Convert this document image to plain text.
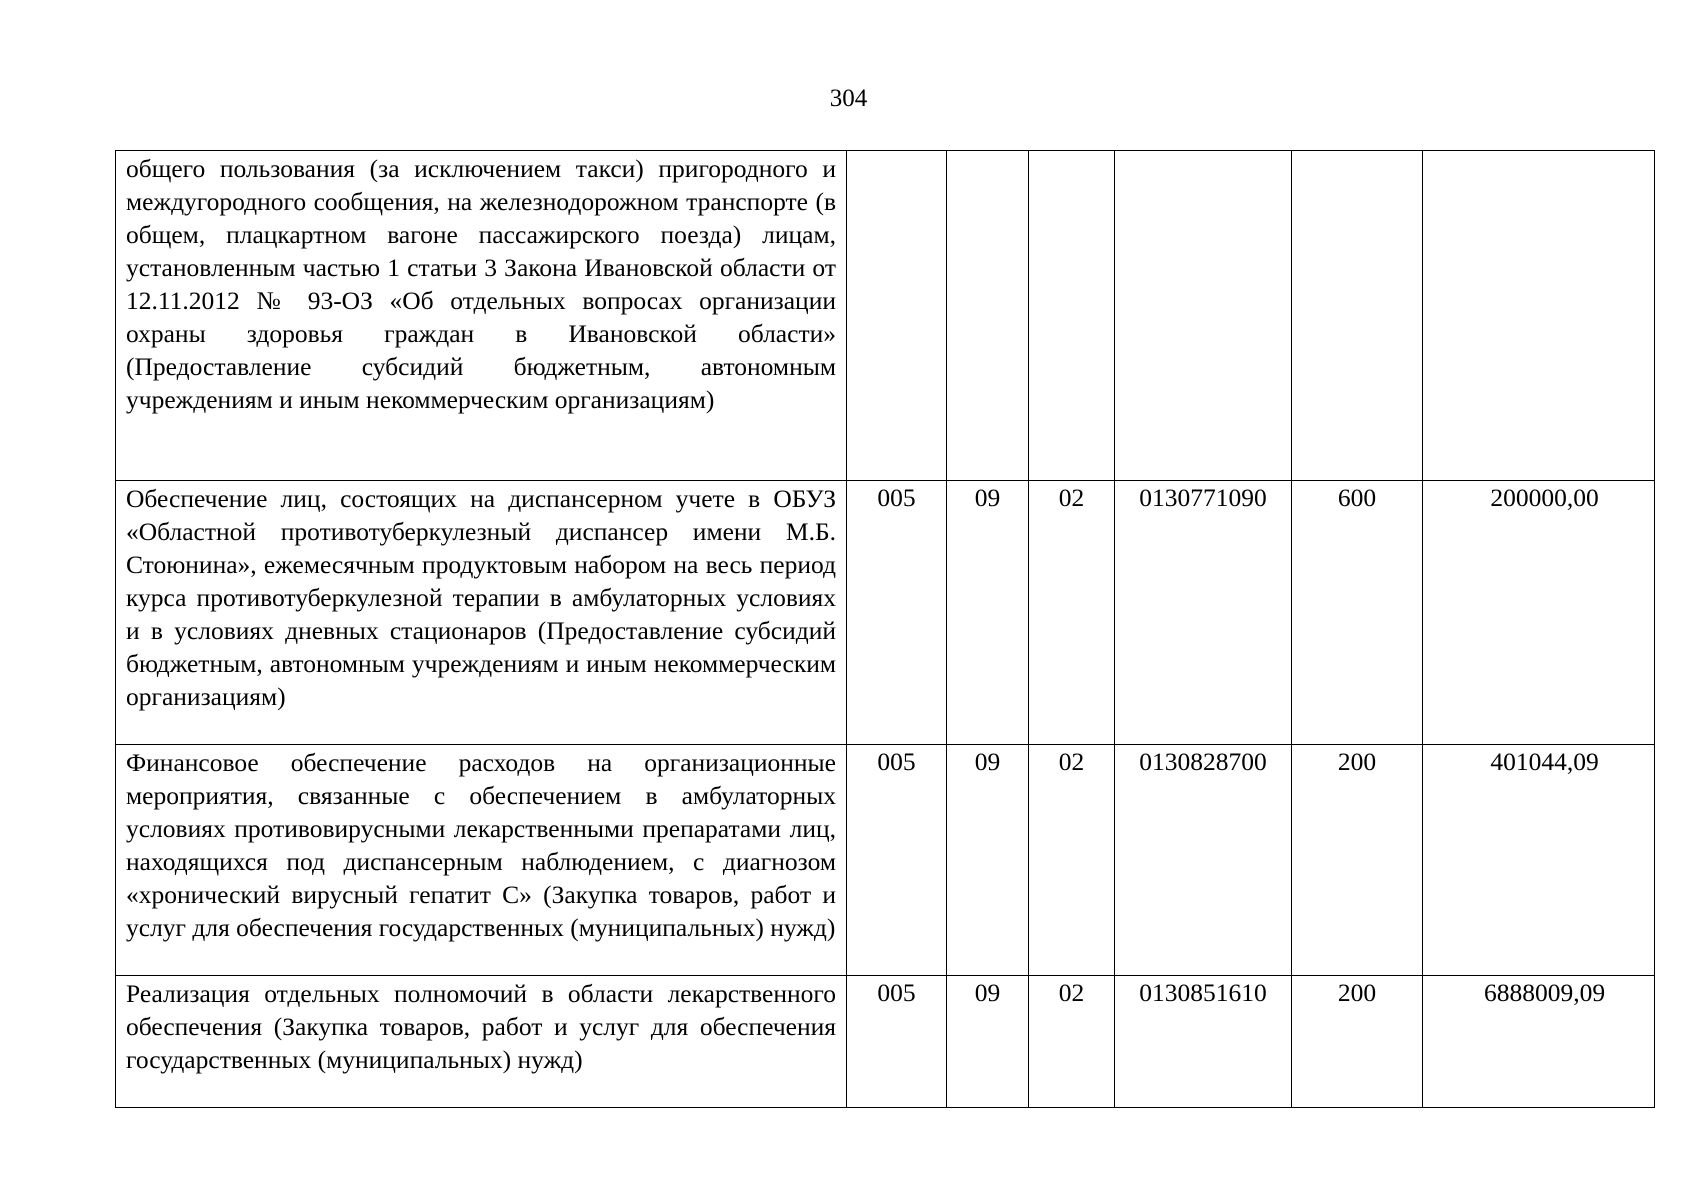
304
общего пользования (за исключением такси) пригородного и междугородного сообщения, на железнодорожном транспорте (в общем, плацкартном вагоне пассажирского поезда) лицам, установленным частью 1 статьи 3 Закона Ивановской области от 12.11.2012 № 93-ОЗ «Об отдельных вопросах организации охраны здоровья граждан в Ивановской области» (Предоставление субсидий бюджетным, автономным учреждениям и иным некоммерческим организациям)						
Обеспечение лиц, состоящих на диспансерном учете в ОБУЗ «Областной противотуберкулезный диспансер имени М.Б. Стоюнина», ежемесячным продуктовым набором на весь период курса противотуберкулезной терапии в амбулаторных условиях и в условиях дневных стационаров (Предоставление субсидий бюджетным, автономным учреждениям и иным некоммерческим организациям)	005	09	02	0130771090	600	200000,00
Финансовое обеспечение расходов на организационные мероприятия, связанные с обеспечением в амбулаторных условиях противовирусными лекарственными препаратами лиц, находящихся под диспансерным наблюдением, с диагнозом «хронический вирусный гепатит С» (Закупка товаров, работ и услуг для обеспечения государственных (муниципальных) нужд)	005	09	02	0130828700	200	401044,09
Реализация отдельных полномочий в области лекарственного обеспечения (Закупка товаров, работ и услуг для обеспечения государственных (муниципальных) нужд)	005	09	02	0130851610	200	6888009,09
